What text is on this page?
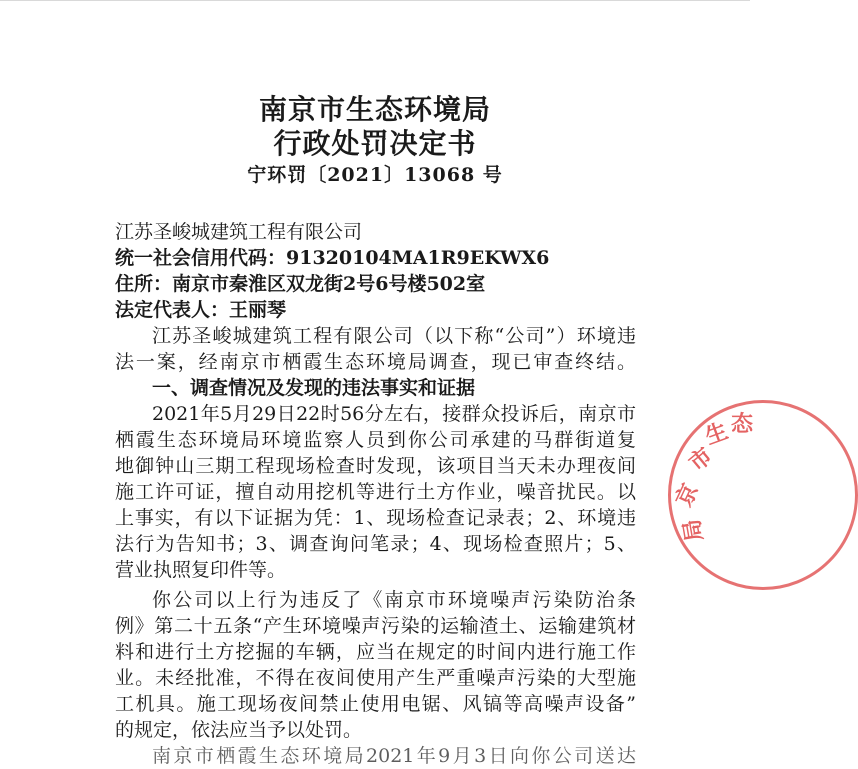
南京市生态环境局
行政处罚决定书
宁环罚〔2021〕13068 号
江苏圣峻城建筑工程有限公司
统一社会信用代码：91320104MA1R9EKWX6
住所：南京市秦淮区双龙街2号6号楼502室
法定代表人：王丽琴
江苏圣峻城建筑工程有限公司（以下称“公司”）环境违
法一案，经南京市栖霞生态环境局调查，现已审查终结。
一、调查情况及发现的违法事实和证据
2021年5月29日22时56分左右，接群众投诉后，南京市
栖霞生态环境局环境监察人员到你公司承建的马群街道复
地御钟山三期工程现场检查时发现，该项目当天未办理夜间
施工许可证，擅自动用挖机等进行土方作业，噪音扰民。以
上事实，有以下证据为凭：1、现场检查记录表；2、环境违
法行为告知书；3、调查询问笔录；4、现场检查照片；5、
营业执照复印件等。
你公司以上行为违反了《南京市环境噪声污染防治条
例》第二十五条“产生环境噪声污染的运输渣土、运输建筑材
料和进行土方挖掘的车辆，应当在规定的时间内进行施工作
业。未经批准，不得在夜间使用产生严重噪声污染的大型施
工机具。施工现场夜间禁止使用电锯、风镐等高噪声设备”
的规定，依法应当予以处罚。
南京市栖霞生态环境局2021年9月3日向你公司送达
市
生 态
京
局
